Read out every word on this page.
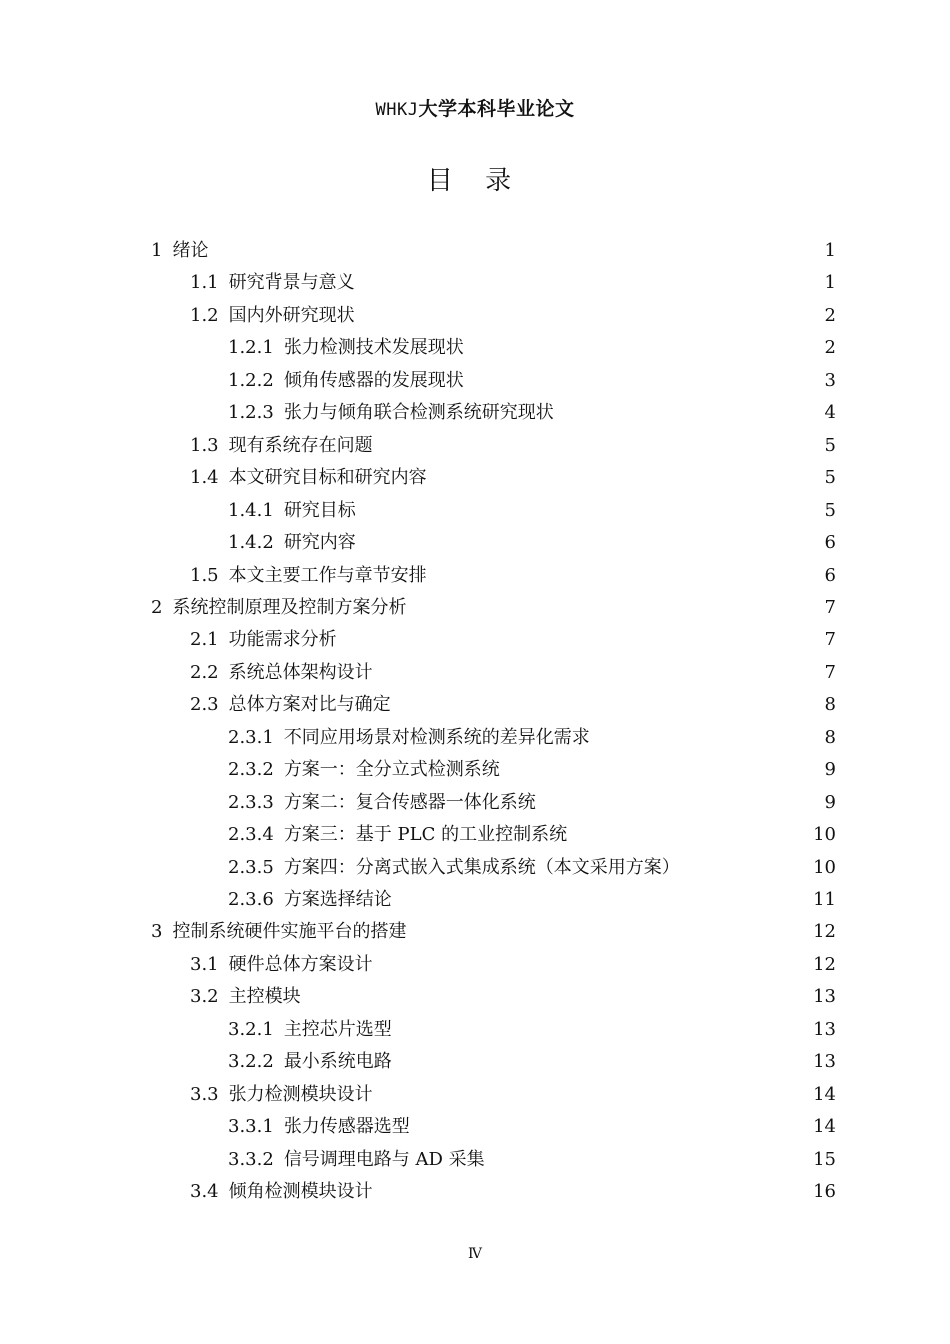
WHKJ大学本科毕业论文
目 录
1 绪论	1
1.1 研究背景与意义	1
1.2 国内外研究现状	2
1.2.1 张力检测技术发展现状	2
1.2.2 倾角传感器的发展现状	3
1.2.3 张力与倾角联合检测系统研究现状	4
1.3 现有系统存在问题	5
1.4 本文研究目标和研究内容	5
1.4.1 研究目标	5
1.4.2 研究内容	6
1.5 本文主要工作与章节安排	6
2 系统控制原理及控制方案分析	7
2.1 功能需求分析	7
2.2 系统总体架构设计	7
2.3 总体方案对比与确定	8
2.3.1 不同应用场景对检测系统的差异化需求	8
2.3.2 方案一：全分立式检测系统	9
2.3.3 方案二：复合传感器一体化系统	9
2.3.4 方案三：基于 PLC 的工业控制系统	10
2.3.5 方案四：分离式嵌入式集成系统（本文采用方案）	10
2.3.6 方案选择结论	11
3 控制系统硬件实施平台的搭建	12
3.1 硬件总体方案设计	12
3.2 主控模块	13
3.2.1 主控芯片选型	13
3.2.2 最小系统电路	13
3.3 张力检测模块设计	14
3.3.1 张力传感器选型	14
3.3.2 信号调理电路与 AD 采集	15
3.4 倾角检测模块设计	16
Ⅳ
